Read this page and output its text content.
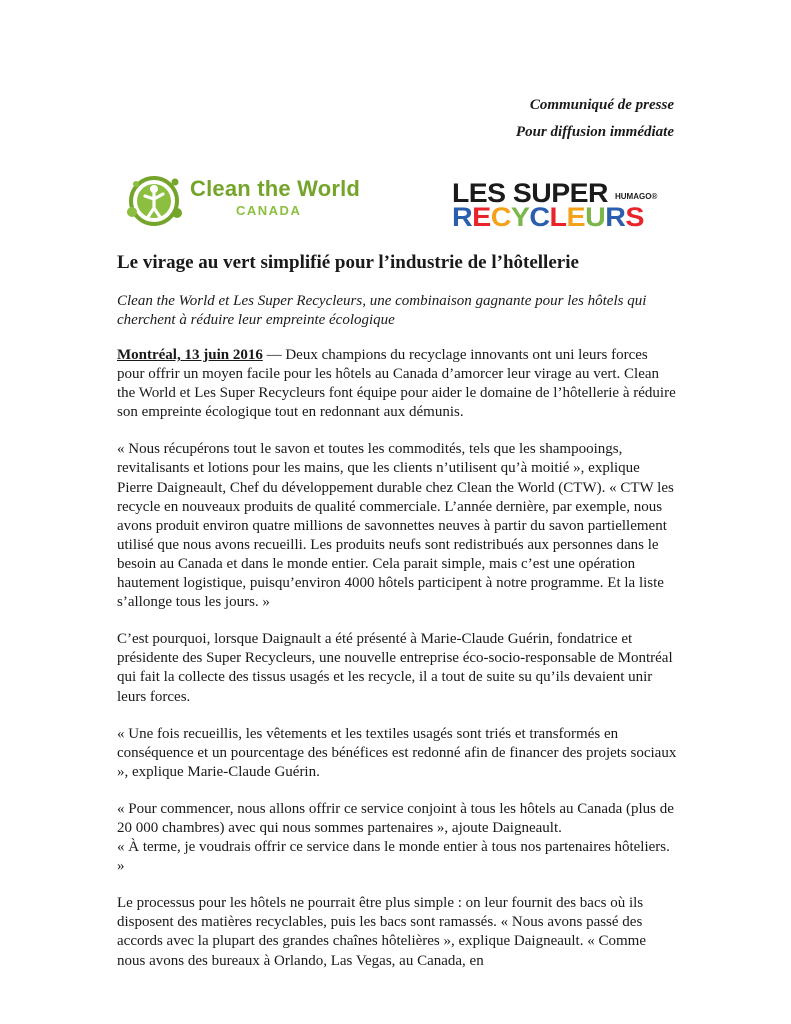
Communiqué de presse
Pour diffusion immédiate
Clean the World
CANADA
LES SUPER HUMAGO®
RECYCLEURS
Le virage au vert simplifié pour l’industrie de l’hôtellerie
Clean the World et Les Super Recycleurs, une combinaison gagnante pour les hôtels qui cherchent à réduire leur empreinte écologique

Montréal, 13 juin 2016 — Deux champions du recyclage innovants ont uni leurs forces pour offrir un moyen facile pour les hôtels au Canada d’amorcer leur virage au vert. Clean the World et Les Super Recycleurs font équipe pour aider le domaine de l’hôtellerie à réduire son empreinte écologique tout en redonnant aux démunis.

« Nous récupérons tout le savon et toutes les commodités, tels que les shampooings, revitalisants et lotions pour les mains, que les clients n’utilisent qu’à moitié », explique Pierre Daigneault, Chef du développement durable chez Clean the World (CTW). « CTW les recycle en nouveaux produits de qualité commerciale. L’année dernière, par exemple, nous avons produit environ quatre millions de savonnettes neuves à partir du savon partiellement utilisé que nous avons recueilli. Les produits neufs sont redistribués aux personnes dans le besoin au Canada et dans le monde entier. Cela parait simple, mais c’est une opération hautement logistique, puisqu’environ 4000 hôtels participent à notre programme. Et la liste s’allonge tous les jours. »

C’est pourquoi, lorsque Daignault a été présenté à Marie-Claude Guérin, fondatrice et présidente des Super Recycleurs, une nouvelle entreprise éco-socio-responsable de Montréal qui fait la collecte des tissus usagés et les recycle, il a tout de suite su qu’ils devaient unir leurs forces.

« Une fois recueillis, les vêtements et les textiles usagés sont triés et transformés en conséquence et un pourcentage des bénéfices est redonné afin de financer des projets sociaux », explique Marie-Claude Guérin.

« Pour commencer, nous allons offrir ce service conjoint à tous les hôtels au Canada (plus de 20 000 chambres) avec qui nous sommes partenaires », ajoute Daigneault.
« À terme, je voudrais offrir ce service dans le monde entier à tous nos partenaires hôteliers. »

Le processus pour les hôtels ne pourrait être plus simple : on leur fournit des bacs où ils disposent des matières recyclables, puis les bacs sont ramassés. « Nous avons passé des accords avec la plupart des grandes chaînes hôtelières », explique Daigneault. « Comme nous avons des bureaux à Orlando, Las Vegas, au Canada, en
